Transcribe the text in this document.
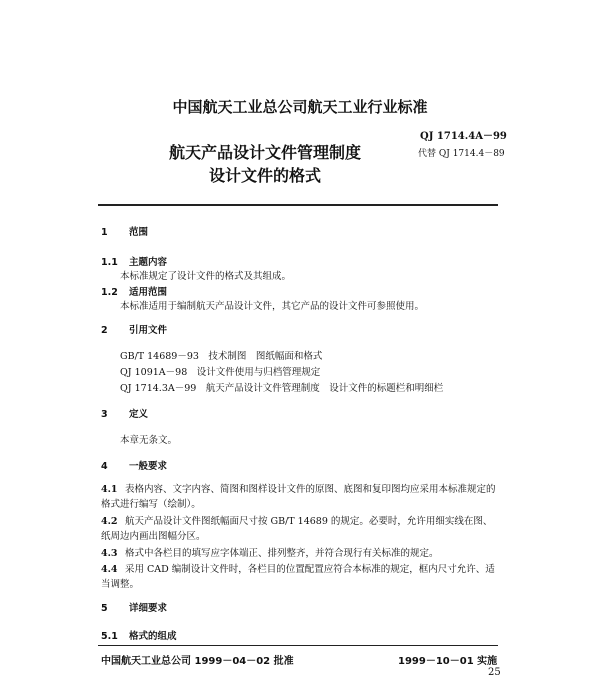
中国航天工业总公司航天工业行业标准
QJ 1714.4A－99
航天产品设计文件管理制度	代替 QJ 1714.4－89
设计文件的格式
1 范围
1.1 主题内容
本标准规定了设计文件的格式及其组成。
1.2 适用范围
本标准适用于编制航天产品设计文件，其它产品的设计文件可参照使用。
2 引用文件
GB/T 14689－93　技术制图　图纸幅面和格式
QJ 1091A－98　设计文件使用与归档管理规定
QJ 1714.3A－99　航天产品设计文件管理制度　设计文件的标题栏和明细栏
3 定义
本章无条文。
4 一般要求
4.1 表格内容、文字内容、简图和图样设计文件的原图、底图和复印图均应采用本标准规定的格式进行编写（绘制）。
4.2 航天产品设计文件图纸幅面尺寸按 GB/T 14689 的规定。必要时，允许用细实线在图、纸周边内画出图幅分区。
4.3 格式中各栏目的填写应字体端正、排列整齐，并符合现行有关标准的规定。
4.4 采用 CAD 编制设计文件时，各栏目的位置配置应符合本标准的规定，框内尺寸允许、适当调整。
5 详细要求
5.1 格式的组成
中国航天工业总公司 1999－04－02 批准	1999－10－01 实施
25
